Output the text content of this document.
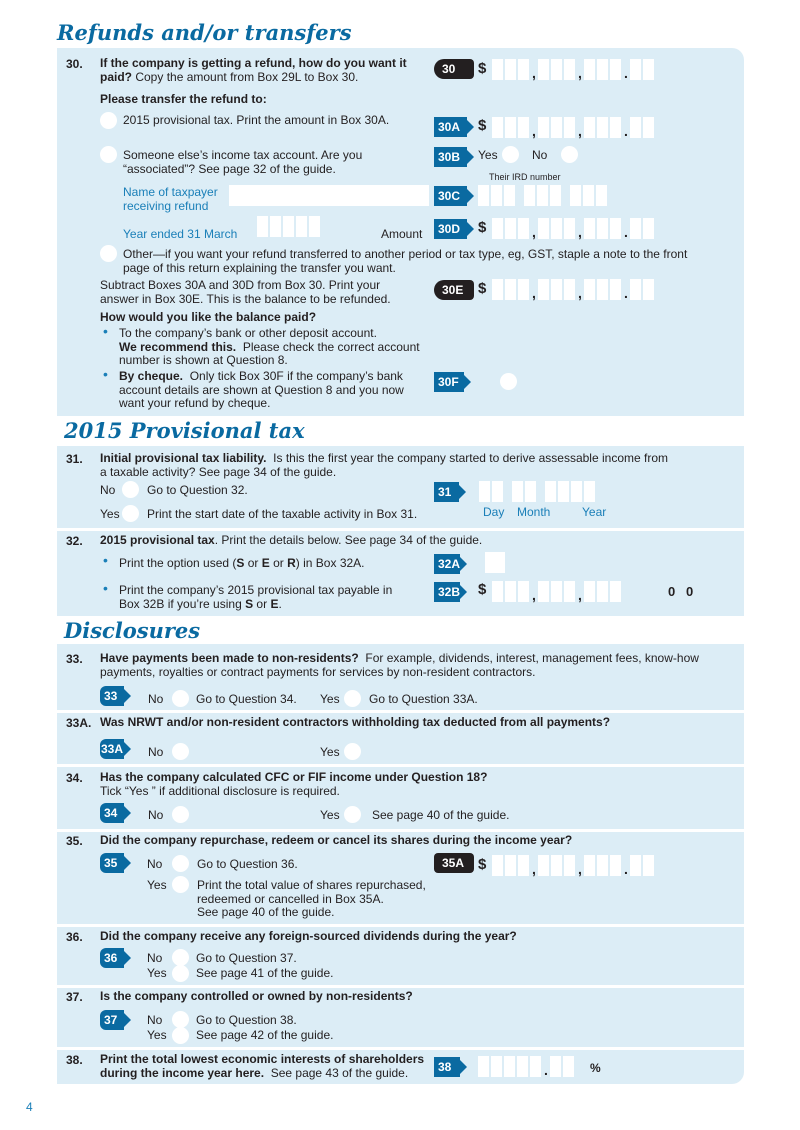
Refunds and/or transfers
30. If the company is getting a refund, how do you want it paid? Copy the amount from Box 29L to Box 30.
30	$	,	,	.
Please transfer the refund to:
2015 provisional tax. Print the amount in Box 30A.	30A	$	,	,	.
Someone else’s income tax account. Are you
“associated”? See page 32 of the guide.
30B	Yes	No
Their IRD number
Name of taxpayer
receiving refund
30C
Year ended 31 March	Amount	30D	$	,	,	.
Other—if you want your refund transferred to another period or tax type, eg, GST, staple a note to the front
page of this return explaining the transfer you want.
Subtract Boxes 30A and 30D from Box 30. Print your
answer in Box 30E. This is the balance to be refunded.
30E $	,	,	.
How would you like the balance paid?
• To the company’s bank or other deposit account.
We recommend this. Please check the correct account
number is shown at Question 8.
• By cheque. Only tick Box 30F if the company’s bank
account details are shown at Question 8 and you now
want your refund by cheque.
30F
2015 Provisional tax
31. Initial provisional tax liability. Is this the first year the company started to derive assessable income from
a taxable activity? See page 34 of the guide.
No	Go to Question 32.	31
Yes Print the start date of the taxable activity in Box 31.	Day Month	Year
32. 2015 provisional tax. Print the details below. See page 34 of the guide.
• Print the option used (S or E or R) in Box 32A.	32A
• Print the company’s 2015 provisional tax payable in
Box 32B if you’re using S or E.
32B $	,	,	0 0
Disclosures
33. Have payments been made to non-residents? For example, dividends, interest, management fees, know-how
payments, royalties or contract payments for services by non-resident contractors.
33	No	Go to Question 34. Yes Go to Question 33A.
33A. Was NRWT and/or non-resident contractors withholding tax deducted from all payments?
33A No	Yes
34. Has the company calculated CFC or FIF income under Question 18?
Tick “Yes ” if additional disclosure is required.
34	No	Yes	See page 40 of the guide.
35. Did the company repurchase, redeem or cancel its shares during the income year?
35	No	Go to Question 36.
Yes	Print the total value of shares repurchased,
redeemed or cancelled in Box 35A.
See page 40 of the guide.
35A $	,	,	.
36. Did the company receive any foreign-sourced dividends during the year?
36	No	Go to Question 37.
Yes See page 41 of the guide.
37. Is the company controlled or owned by non-residents?
37	No	Go to Question 38.
Yes See page 42 of the guide.
38. Print the total lowest economic interests of shareholders
during the income year here. See page 43 of the guide.	38	.	%
4
